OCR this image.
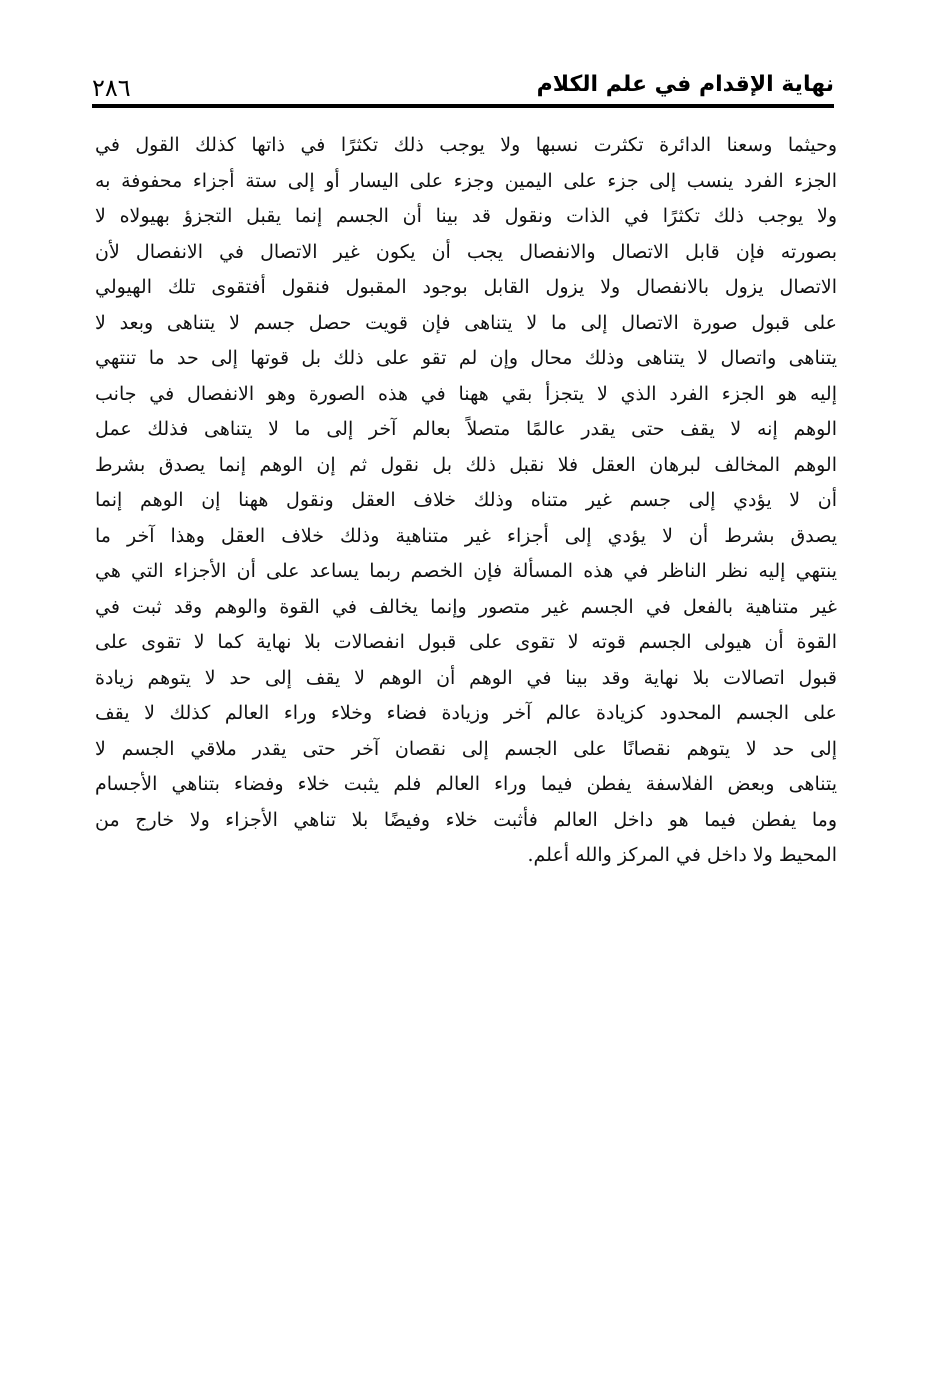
نهاية الإقدام في علم الكلام
٢٨٦
وحيثما وسعنا الدائرة تكثرت نسبها ولا يوجب ذلك تكثرًا في ذاتها كذلك القول في
الجزء الفرد ينسب إلى جزء على اليمين وجزء على اليسار أو إلى ستة أجزاء محفوفة به
ولا يوجب ذلك تكثرًا في الذات ونقول قد بينا أن الجسم إنما يقبل التجزؤ بهيولاه لا
بصورته فإن قابل الاتصال والانفصال يجب أن يكون غير الاتصال في الانفصال لأن
الاتصال يزول بالانفصال ولا يزول القابل بوجود المقبول فنقول أفتقوى تلك الهيولي
على قبول صورة الاتصال إلى ما لا يتناهى فإن قويت حصل جسم لا يتناهى وبعد لا
يتناهى واتصال لا يتناهى وذلك محال وإن لم تقو على ذلك بل قوتها إلى حد ما تنتهي
إليه هو الجزء الفرد الذي لا يتجزأ بقي ههنا في هذه الصورة وهو الانفصال في جانب
الوهم إنه لا يقف حتى يقدر عالمًا متصلاً بعالم آخر إلى ما لا يتناهى فذلك عمل
الوهم المخالف لبرهان العقل فلا نقبل ذلك بل نقول ثم إن الوهم إنما يصدق بشرط
أن لا يؤدي إلى جسم غير متناه وذلك خلاف العقل ونقول ههنا إن الوهم إنما
يصدق بشرط أن لا يؤدي إلى أجزاء غير متناهية وذلك خلاف العقل وهذا آخر ما
ينتهي إليه نظر الناظر في هذه المسألة فإن الخصم ربما يساعد على أن الأجزاء التي هي
غير متناهية بالفعل في الجسم غير متصور وإنما يخالف في القوة والوهم وقد ثبت في
القوة أن هيولى الجسم قوته لا تقوى على قبول انفصالات بلا نهاية كما لا تقوى على
قبول اتصالات بلا نهاية وقد بينا في الوهم أن الوهم لا يقف إلى حد لا يتوهم زيادة
على الجسم المحدود كزيادة عالم آخر وزيادة فضاء وخلاء وراء العالم كذلك لا يقف
إلى حد لا يتوهم نقصانًا على الجسم إلى نقصان آخر حتى يقدر ملاقي الجسم لا
يتناهى وبعض الفلاسفة يفطن فيما وراء العالم فلم يثبت خلاء وفضاء بتناهي الأجسام
وما يفطن فيما هو داخل العالم فأثبت خلاء وفيضًا بلا تناهي الأجزاء ولا خارج من
المحيط ولا داخل في المركز والله أعلم.
